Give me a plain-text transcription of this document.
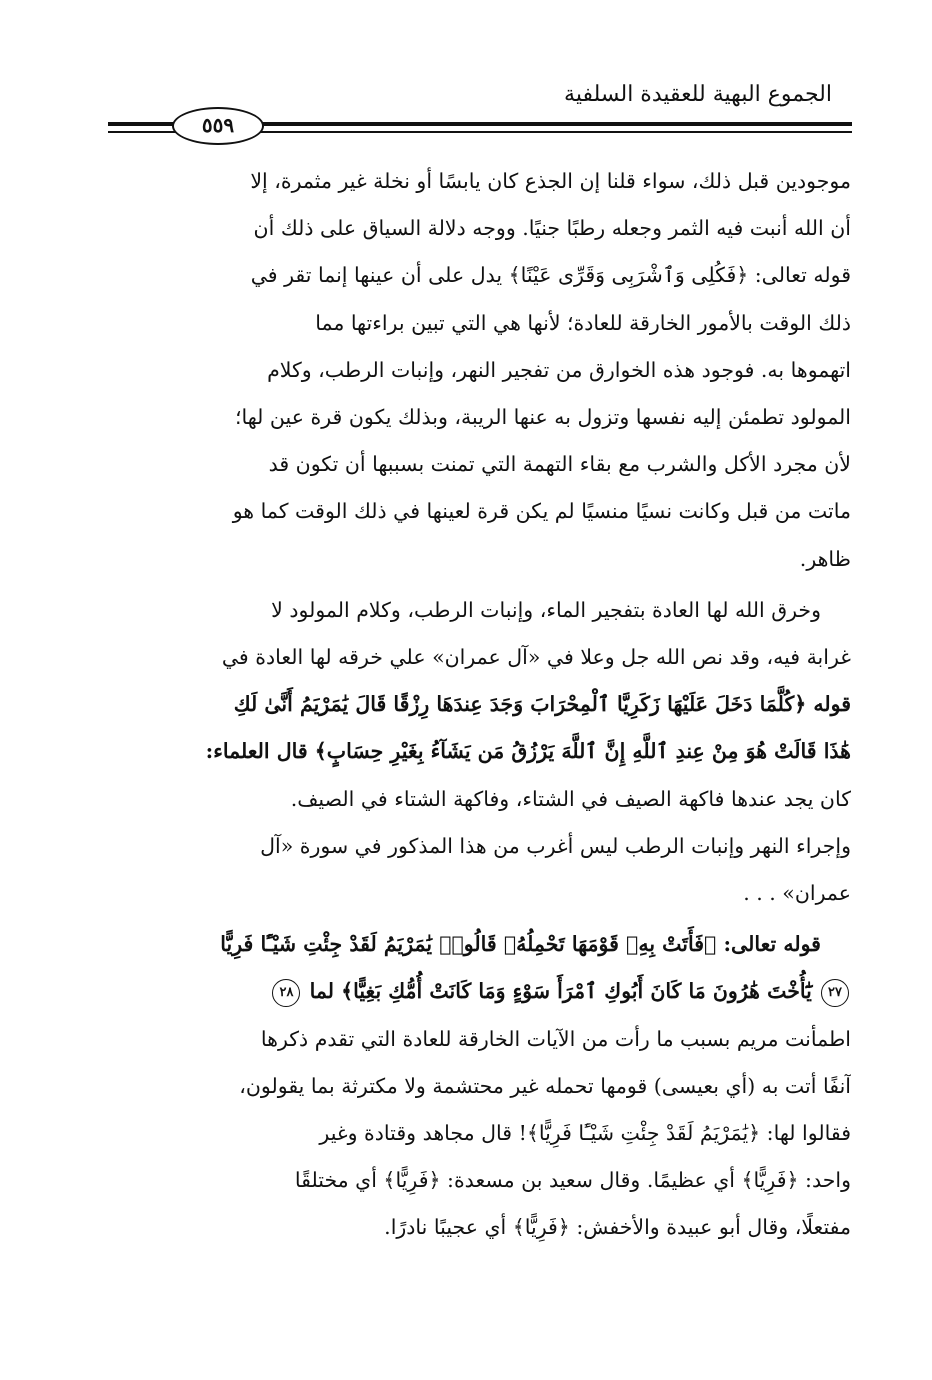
الجموع البهية للعقيدة السلفية
٥٥٩

موجودين قبل ذلك، سواء قلنا إن الجذع كان يابسًا أو نخلة غير مثمرة، إلا
أن الله أنبت فيه الثمر وجعله رطبًا جنيًا. ووجه دلالة السياق على ذلك أن
قوله تعالى: ﴿فَكُلِى وَٱشْرَبِى وَقَرِّى عَيْنًا﴾ يدل على أن عينها إنما تقر في
ذلك الوقت بالأمور الخارقة للعادة؛ لأنها هي التي تبين براءتها مما
اتهموها به. فوجود هذه الخوارق من تفجير النهر، وإنبات الرطب، وكلام
المولود تطمئن إليه نفسها وتزول به عنها الريبة، وبذلك يكون قرة عين لها؛
لأن مجرد الأكل والشرب مع بقاء التهمة التي تمنت بسببها أن تكون قد
ماتت من قبل وكانت نسيًا منسيًا لم يكن قرة لعينها في ذلك الوقت كما هو
ظاهر.

وخرق الله لها العادة بتفجير الماء، وإنبات الرطب، وكلام المولود لا
غرابة فيه، وقد نص الله جل وعلا في «آل عمران» علي خرقه لها العادة في
قوله ﴿كُلَّمَا دَخَلَ عَلَيْهَا زَكَرِيَّا ٱلْمِحْرَابَ وَجَدَ عِندَهَا رِزْقًا قَالَ يَٰمَرْيَمُ أَنَّىٰ لَكِ
هَٰذَا قَالَتْ هُوَ مِنْ عِندِ ٱللَّهِ إِنَّ ٱللَّهَ يَرْزُقُ مَن يَشَآءُ بِغَيْرِ حِسَابٍ﴾ قال العلماء:
كان يجد عندها فاكهة الصيف في الشتاء، وفاكهة الشتاء في الصيف.
وإجراء النهر وإنبات الرطب ليس أغرب من هذا المذكور في سورة «آل
عمران» . . .

قوله تعالى: ﴿فَأَتَتْ بِهِۦ قَوْمَهَا تَحْمِلُهُۥ قَالُوا۟ يَٰمَرْيَمُ لَقَدْ جِئْتِ شَيْـًٔا فَرِيًّا
٢٧ يَٰٓأُخْتَ هَٰرُونَ مَا كَانَ أَبُوكِ ٱمْرَأَ سَوْءٍ وَمَا كَانَتْ أُمُّكِ بَغِيًّا﴾ لما ٢٨
اطمأنت مريم بسبب ما رأت من الآيات الخارقة للعادة التي تقدم ذكرها
آنفًا أتت به (أي بعيسى) قومها تحمله غير محتشمة ولا مكترثة بما يقولون،
فقالوا لها: ﴿يَٰمَرْيَمُ لَقَدْ جِئْتِ شَيْـًٔا فَرِيًّا﴾! قال مجاهد وقتادة وغير
واحد: ﴿فَرِيًّا﴾ أي عظيمًا. وقال سعيد بن مسعدة: ﴿فَرِيًّا﴾ أي مختلقًا
مفتعلًا، وقال أبو عبيدة والأخفش: ﴿فَرِيًّا﴾ أي عجيبًا نادرًا.
